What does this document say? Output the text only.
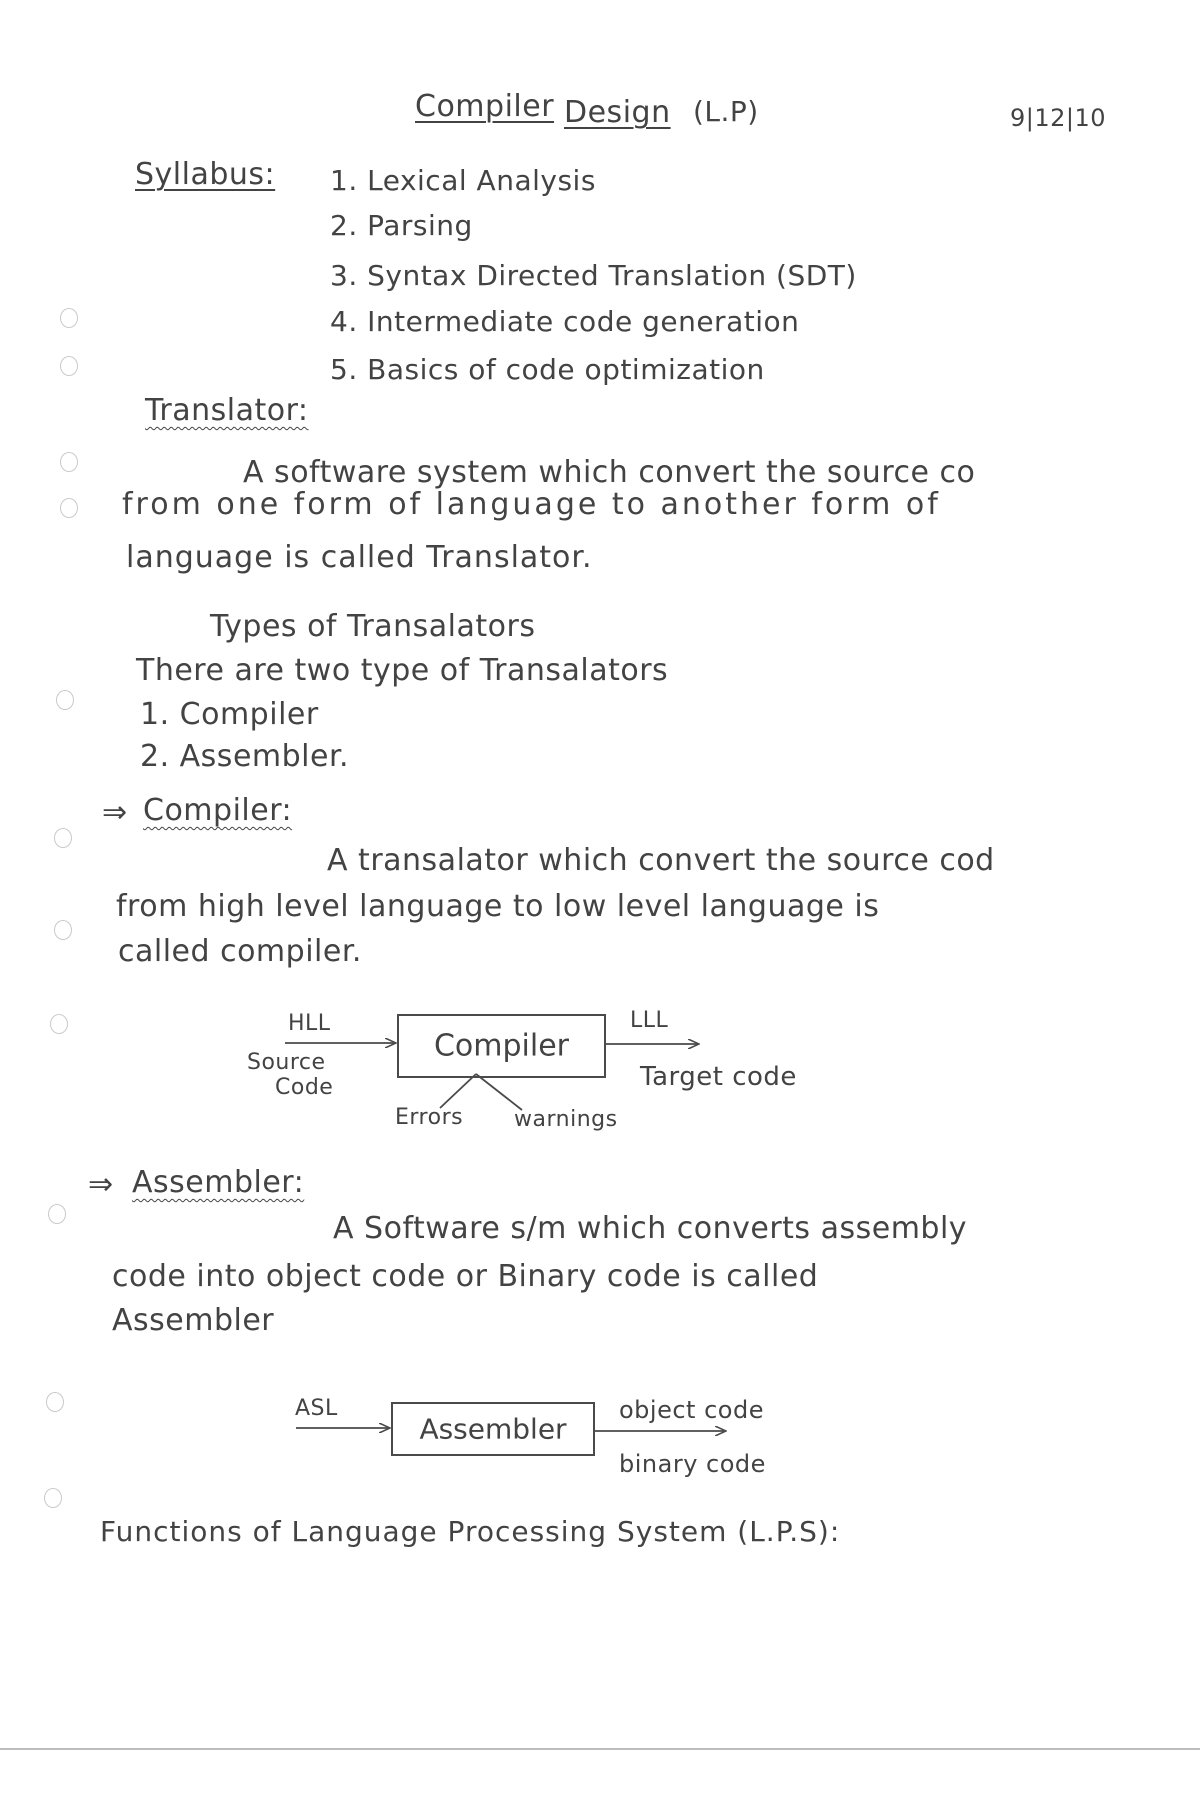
Compiler Design (L.P)	9|12|10
Syllabus: 1. Lexical Analysis
2. Parsing
3. Syntax Directed Translation (SDT)
4. Intermediate code generation
5. Basics of code optimization
Translator:
A software system which convert the source co
from one form of language to another form of
language is called Translator.
Types of Transalators
There are two type of Transalators
1. Compiler
2. Assembler.
⇒ Compiler:
A transalator which convert the source cod
from high level language to low level language is
called compiler.
Compiler
HLL
Source
Code
LLL
Target code
Errors warnings
⇒ Assembler:
A Software s/m which converts assembly
code into object code or Binary code is called
Assembler
Assembler
ASL	object code
binary code
Functions of Language Processing System (L.P.S):
